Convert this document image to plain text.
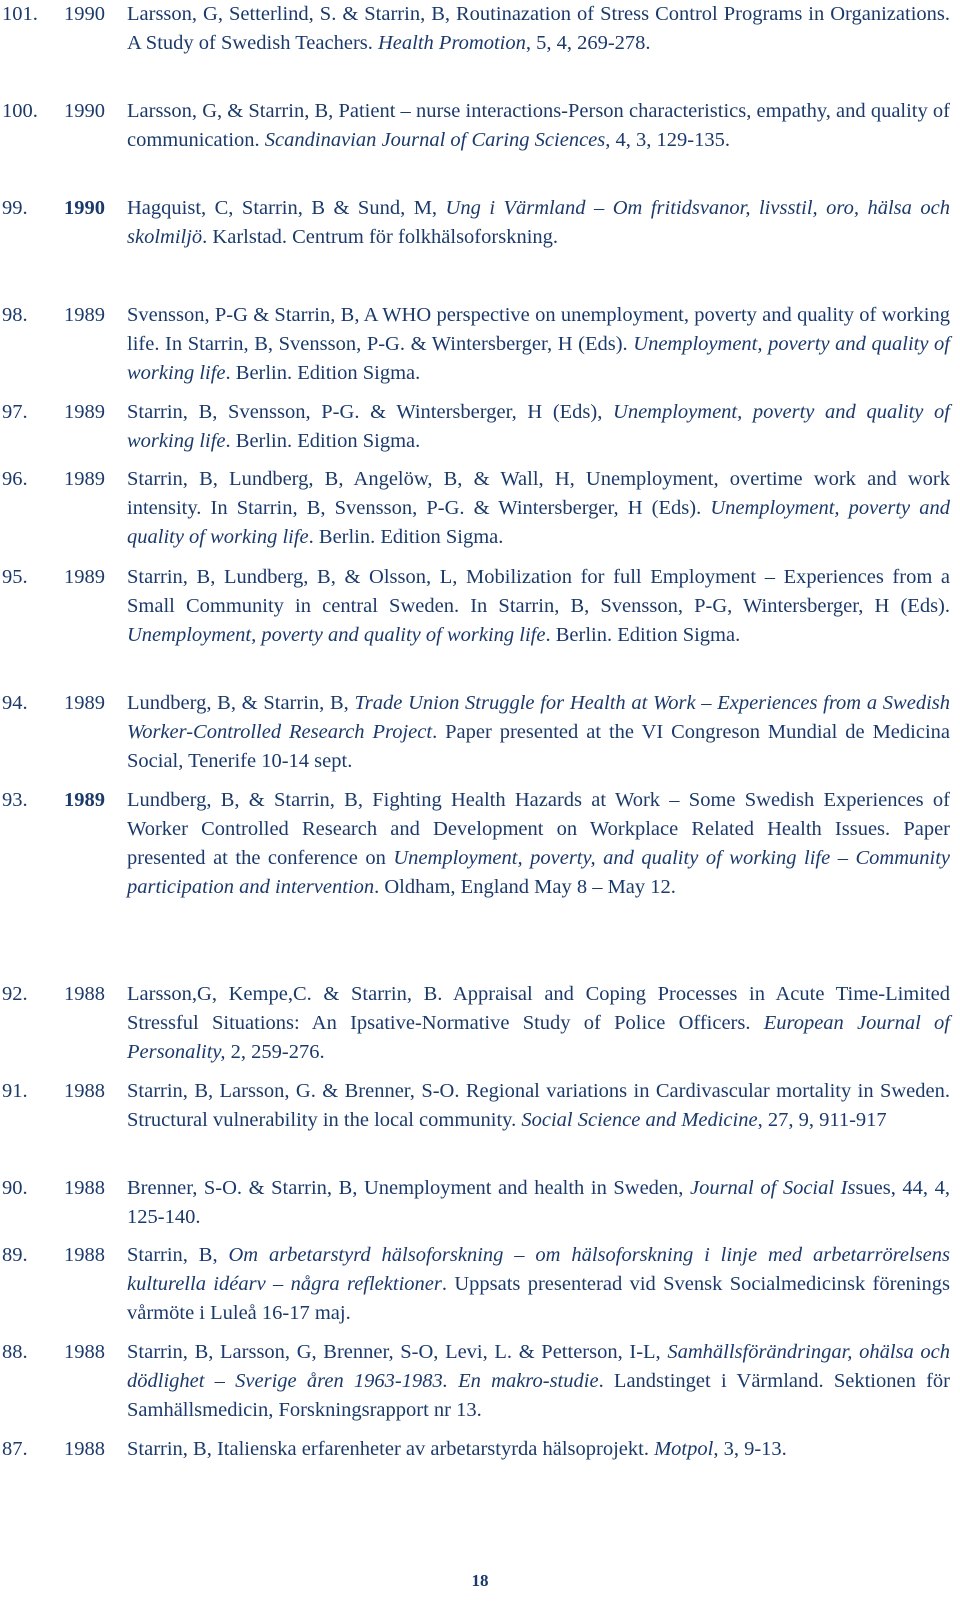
101.	1990	Larsson, G, Setterlind, S. & Starrin, B, Routinazation of Stress Control Programs in Organizations. A Study of Swedish Teachers. Health Promotion, 5, 4, 269-278.
100.	1990	Larsson, G, & Starrin, B, Patient – nurse interactions-Person characteristics, empathy, and quality of communication. Scandinavian Journal of Caring Sciences, 4, 3, 129-135.
99.	1990	Hagquist, C, Starrin, B & Sund, M, Ung i Värmland – Om fritidsvanor, livsstil, oro, hälsa och skolmiljö. Karlstad. Centrum för folkhälsoforskning.
98.	1989	Svensson, P-G & Starrin, B, A WHO perspective on unemployment, poverty and quality of working life. In Starrin, B, Svensson, P-G. & Wintersberger, H (Eds). Unemployment, poverty and quality of working life. Berlin. Edition Sigma.
97.	1989	Starrin, B, Svensson, P-G. & Wintersberger, H (Eds), Unemployment, poverty and quality of working life. Berlin. Edition Sigma.
96.	1989	Starrin, B, Lundberg, B, Angelöw, B, & Wall, H, Unemployment, overtime work and work intensity. In Starrin, B, Svensson, P-G. & Wintersberger, H (Eds). Unemployment, poverty and quality of working life. Berlin. Edition Sigma.
95.	1989	Starrin, B, Lundberg, B, & Olsson, L, Mobilization for full Employment – Experiences from a Small Community in central Sweden. In Starrin, B, Svensson, P-G, Wintersberger, H (Eds). Unemployment, poverty and quality of working life. Berlin. Edition Sigma.
94.	1989	Lundberg, B, & Starrin, B, Trade Union Struggle for Health at Work – Experiences from a Swedish Worker-Controlled Research Project. Paper presented at the VI Congreson Mundial de Medicina Social, Tenerife 10-14 sept.
93.	1989	Lundberg, B, & Starrin, B, Fighting Health Hazards at Work – Some Swedish Experiences of Worker Controlled Research and Development on Workplace Related Health Issues. Paper presented at the conference on Unemployment, poverty, and quality of working life – Community participation and intervention. Oldham, England May 8 – May 12.
92.	1988	Larsson,G, Kempe,C. & Starrin, B. Appraisal and Coping Processes in Acute Time-Limited Stressful Situations: An Ipsative-Normative Study of Police Officers. European Journal of Personality, 2, 259-276.
91.	1988	Starrin, B, Larsson, G. & Brenner, S-O. Regional variations in Cardivascular mortality in Sweden. Structural vulnerability in the local community. Social Science and Medicine, 27, 9, 911-917
90.	1988	Brenner, S-O. & Starrin, B, Unemployment and health in Sweden, Journal of Social Issues, 44, 4, 125-140.
89.	1988	Starrin, B, Om arbetarstyrd hälsoforskning – om hälsoforskning i linje med arbetarrörelsens kulturella idéarv – några reflektioner. Uppsats presenterad vid Svensk Socialmedicinsk förenings vårmöte i Luleå 16-17 maj.
88.	1988	Starrin, B, Larsson, G, Brenner, S-O, Levi, L. & Petterson, I-L, Samhällsförändringar, ohälsa och dödlighet – Sverige åren 1963-1983. En makro-studie. Landstinget i Värmland. Sektionen för Samhällsmedicin, Forskningsrapport nr 13.
87.	1988	Starrin, B, Italienska erfarenheter av arbetarstyrda hälsoprojekt. Motpol, 3, 9-13.
18
